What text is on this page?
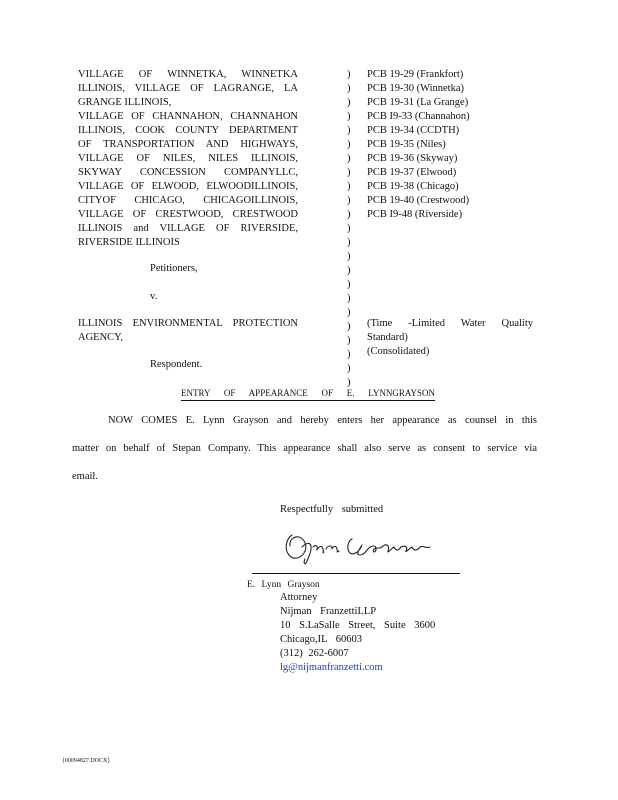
VILLAGE OF WINNETKA, WINNETKA
ILLINOIS, VILLAGE OF LAGRANGE, LA
GRANGE ILLINOIS,
VILLAGE OF CHANNAHON, CHANNAHON
ILLINOIS, COOK COUNTY DEPARTMENT
OF TRANSPORTATION AND HIGHWAYS,
VILLAGE OF NILES, NILES ILLINOIS,
SKYWAY CONCESSION COMPANYLLC,
VILLAGE OF ELWOOD, ELWOODILLINOIS,
CITYOF CHICAGO, CHICAGOILLINOIS,
VILLAGE OF CRESTWOOD, CRESTWOOD
ILLINOIS and VILLAGE OF RIVERSIDE,
RIVERSIDE ILLINOIS
Petitioners,
v.
ILLINOIS ENVIRONMENTAL PROTECTION
AGENCY,
Respondent.
)
)
)
)
)
)
)
)
)
)
)
)
)
)
)
)
)
)
)
)
)
)
)
PCB 19-29 (Frankfort)
PCB 19-30 (Winnetka)
PCB 19-31 (La Grange)
PCB I9-33 (Channahon)
PCB 19-34 (CCDTH)
PCB 19-35 (Niles)
PCB 19-36 (Skyway)
PCB 19-37 (Elwood)
PCB 19-38 (Chicago)
PCB 19-40 (Crestwood)
PCB I9-48 (Riverside)
(Time -Limited Water Quality
Standard)
(Consolidated)
ENTRY OF APPEARANCE OF E. LYNNGRAYSON
NOW COMES E. Lynn Grayson and hereby enters her appearance as counsel in this
matter on behalf of Stepan Company. This appearance shall also serve as consent to service via
email.
Respectfully submitted
E. Lynn Grayson
Attorney
Nijman FranzettiLLP
10 S.LaSalle Street, Suite 3600
Chicago,IL 60603
(312) 262-6007
lg@nijmanfranzetti.com
{00094827.DOCX}
